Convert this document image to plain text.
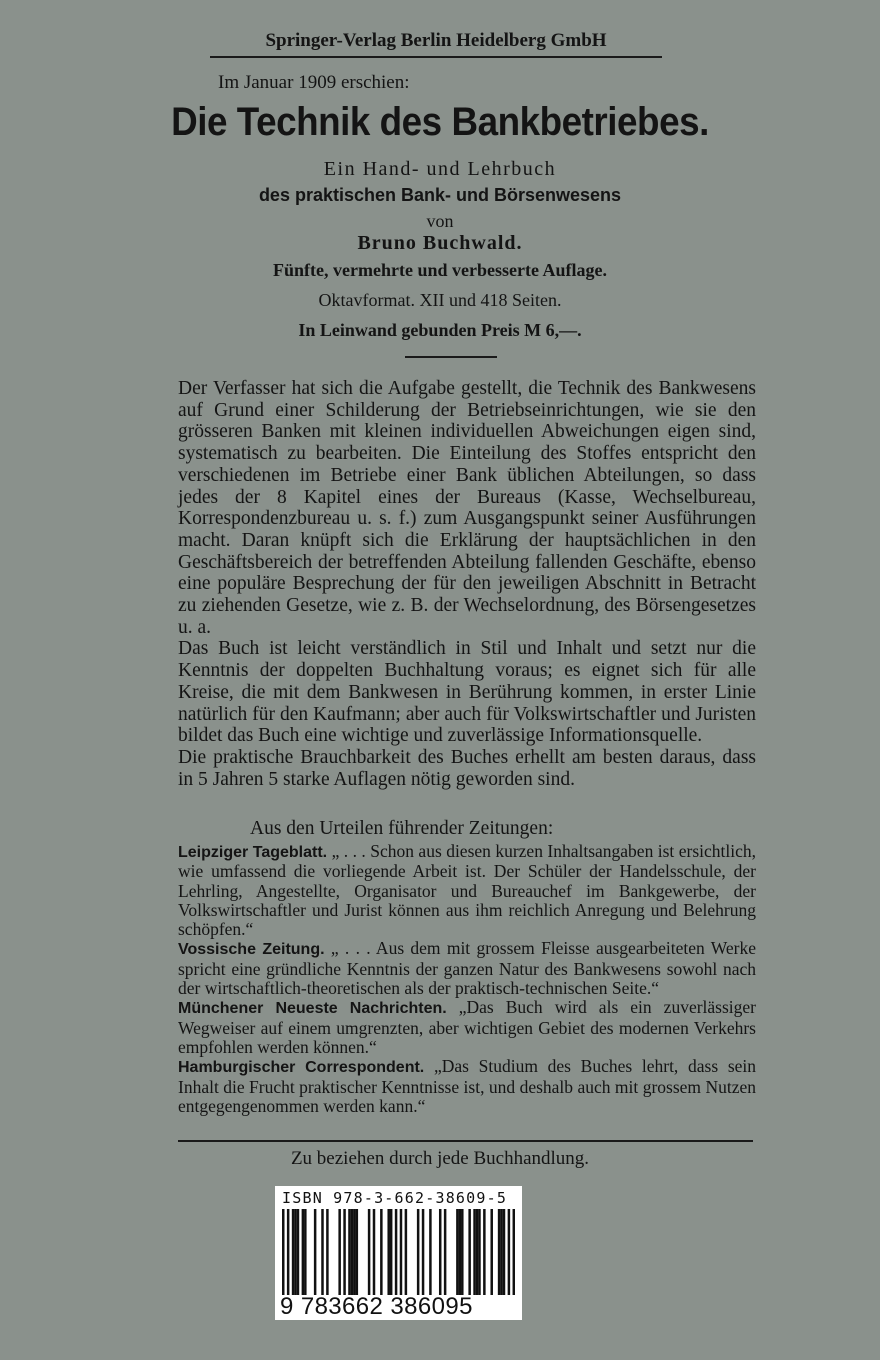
Springer-Verlag Berlin Heidelberg GmbH
Im Januar 1909 erschien:
Die Technik des Bankbetriebes.
Ein Hand- und Lehrbuch
des praktischen Bank- und Börsenwesens
von
Bruno Buchwald.
Fünfte, vermehrte und verbesserte Auflage.
Oktavformat. XII und 418 Seiten.
In Leinwand gebunden Preis M 6,—.

Der Verfasser hat sich die Aufgabe gestellt, die Technik des Bankwesens auf Grund einer Schilderung der Betriebseinrichtungen, wie sie den grösseren Banken mit kleinen individuellen Abweichungen eigen sind, systematisch zu bearbeiten. Die Einteilung des Stoffes entspricht den verschiedenen im Betriebe einer Bank üblichen Abteilungen, so dass jedes der 8 Kapitel eines der Bureaus (Kasse, Wechselbureau, Korrespondenzbureau u. s. f.) zum Ausgangspunkt seiner Ausführungen macht. Daran knüpft sich die Erklärung der hauptsächlichen in den Geschäftsbereich der betreffenden Abteilung fallenden Geschäfte, ebenso eine populäre Besprechung der für den jeweiligen Abschnitt in Betracht zu ziehenden Gesetze, wie z. B. der Wechselordnung, des Börsengesetzes u. a.

Das Buch ist leicht verständlich in Stil und Inhalt und setzt nur die Kenntnis der doppelten Buchhaltung voraus; es eignet sich für alle Kreise, die mit dem Bankwesen in Berührung kommen, in erster Linie natürlich für den Kaufmann; aber auch für Volkswirtschaftler und Juristen bildet das Buch eine wichtige und zuverlässige Informationsquelle.

Die praktische Brauchbarkeit des Buches erhellt am besten daraus, dass in 5 Jahren 5 starke Auflagen nötig geworden sind.

Aus den Urteilen führender Zeitungen:

Leipziger Tageblatt. „ . . . Schon aus diesen kurzen Inhaltsangaben ist ersichtlich, wie umfassend die vorliegende Arbeit ist. Der Schüler der Handelsschule, der Lehrling, Angestellte, Organisator und Bureauchef im Bankgewerbe, der Volkswirtschaftler und Jurist können aus ihm reichlich Anregung und Belehrung schöpfen.“

Vossische Zeitung. „ . . . Aus dem mit grossem Fleisse ausgearbeiteten Werke spricht eine gründliche Kenntnis der ganzen Natur des Bankwesens sowohl nach der wirtschaftlich-theoretischen als der praktisch-technischen Seite.“

Münchener Neueste Nachrichten. „Das Buch wird als ein zuverlässiger Wegweiser auf einem umgrenzten, aber wichtigen Gebiet des modernen Verkehrs empfohlen werden können.“

Hamburgischer Correspondent. „Das Studium des Buches lehrt, dass sein Inhalt die Frucht praktischer Kenntnisse ist, und deshalb auch mit grossem Nutzen entgegengenommen werden kann.“

Zu beziehen durch jede Buchhandlung.
ISBN 978-3-662-38609-5
9 783662 386095
